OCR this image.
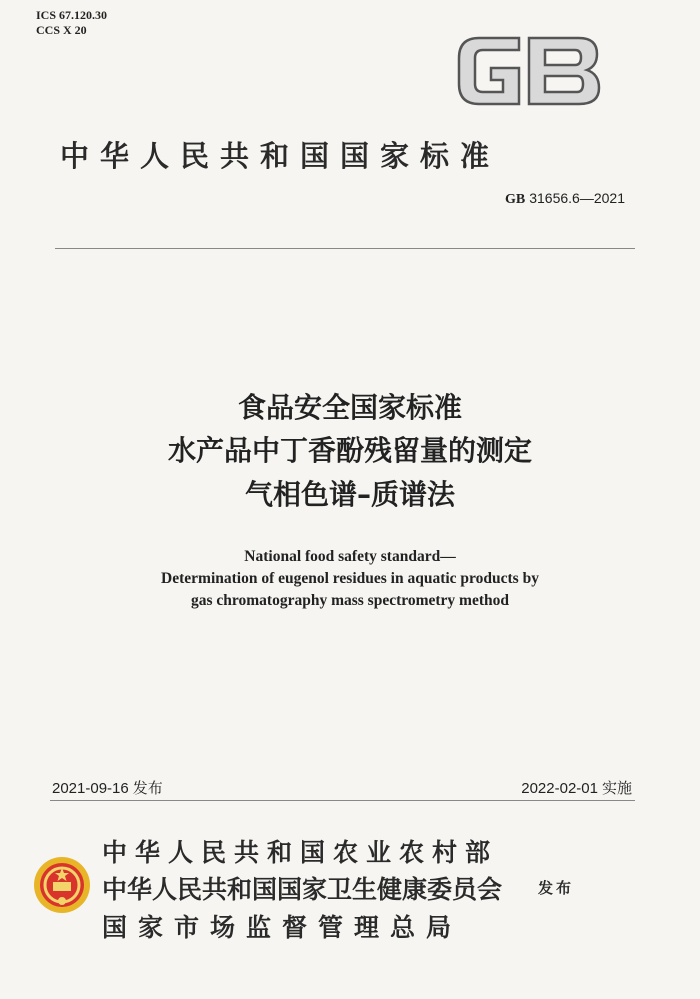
ICS 67.120.30
CCS X 20
中华人民共和国国家标准
GB 31656.6—2021
食品安全国家标准
水产品中丁香酚残留量的测定
气相色谱–质谱法
National food safety standard—
Determination of eugenol residues in aquatic products by
gas chromatography mass spectrometry method
2021-09-16 发布	2022-02-01 实施
中华人民共和国农业农村部
中华人民共和国国家卫生健康委员会
国家市场监督管理总局
发布
